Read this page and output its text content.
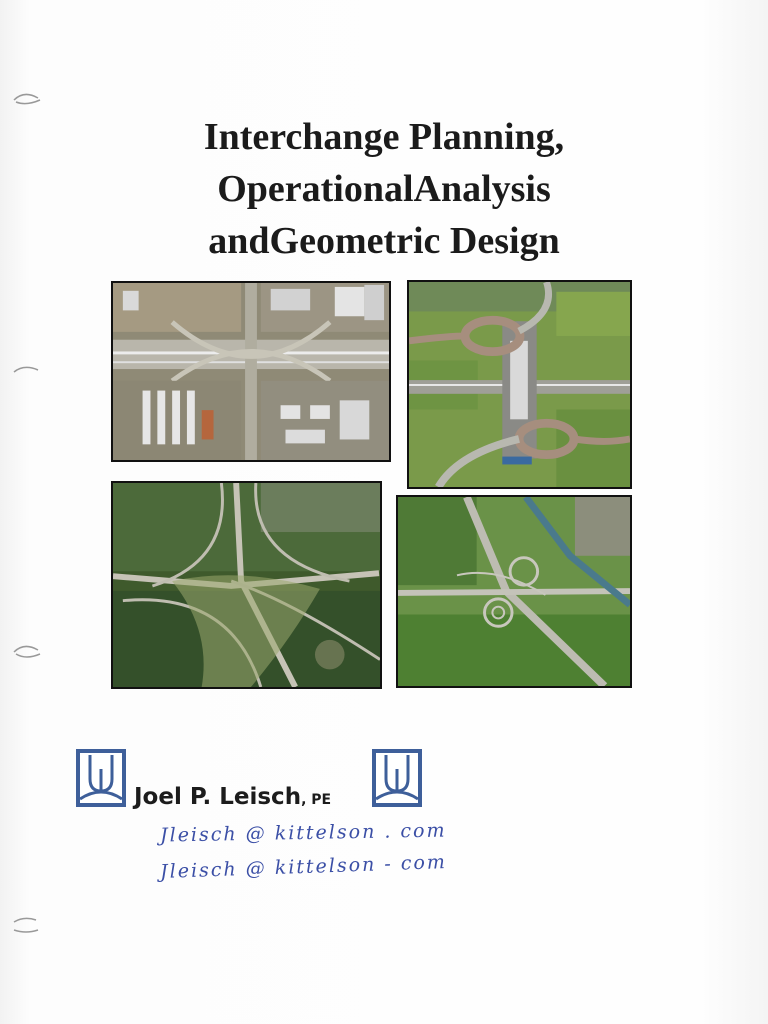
Interchange Planning,
OperationalAnalysis
andGeometric Design
Joel P. Leisch, PE
Jleisch @ kittelson . com
Jleisch @ kittelson - com
